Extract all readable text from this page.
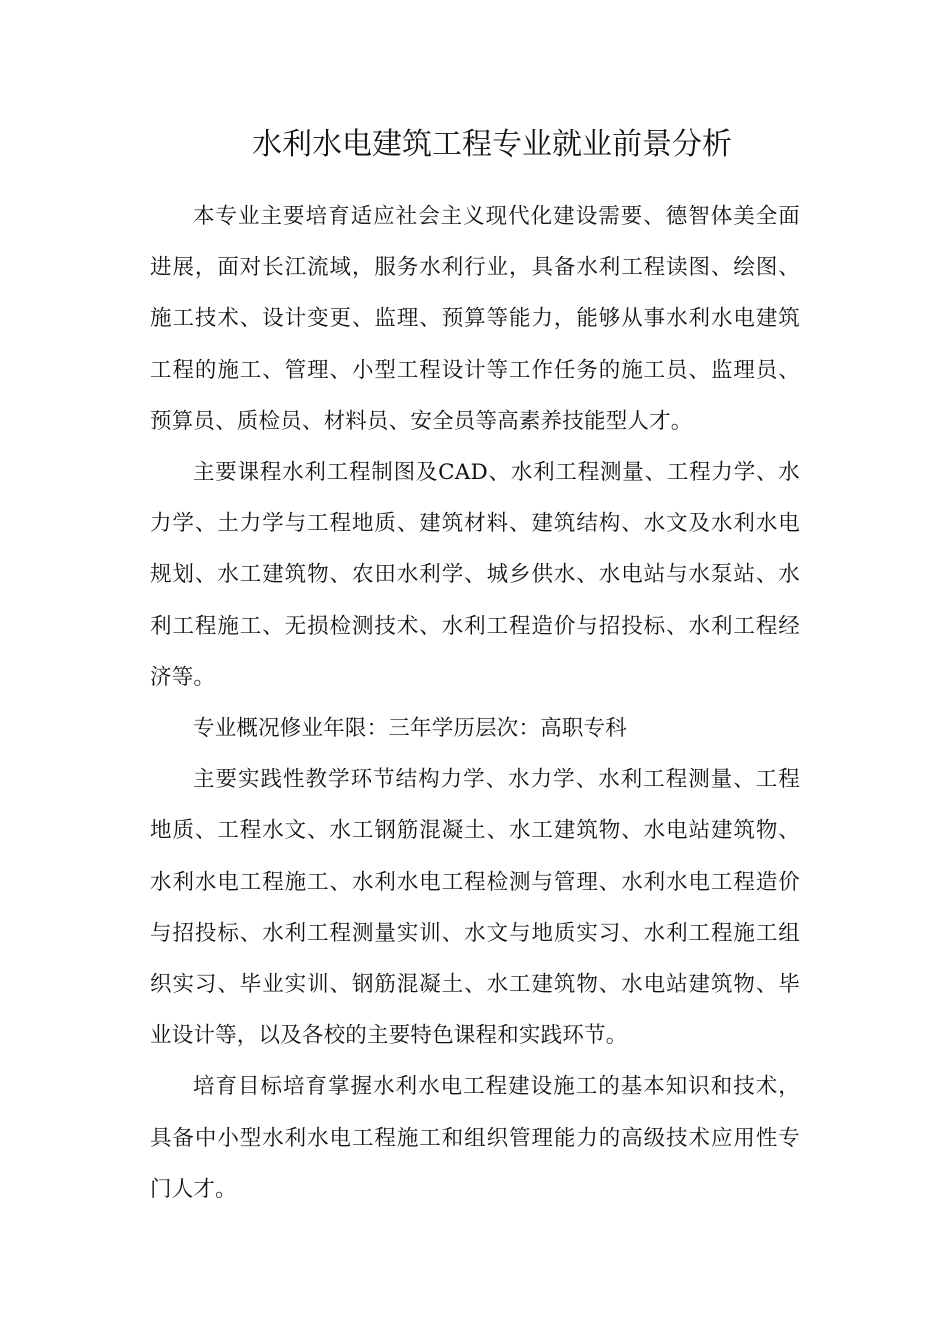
水利水电建筑工程专业就业前景分析

本专业主要培育适应社会主义现代化建设需要、德智体美全面进展，面对长江流域，服务水利行业，具备水利工程读图、绘图、施工技术、设计变更、监理、预算等能力，能够从事水利水电建筑工程的施工、管理、小型工程设计等工作任务的施工员、监理员、预算员、质检员、材料员、安全员等高素养技能型人才。

主要课程水利工程制图及CAD、水利工程测量、工程力学、水力学、土力学与工程地质、建筑材料、建筑结构、水文及水利水电规划、水工建筑物、农田水利学、城乡供水、水电站与水泵站、水利工程施工、无损检测技术、水利工程造价与招投标、水利工程经济等。

专业概况修业年限：三年学历层次：高职专科

主要实践性教学环节结构力学、水力学、水利工程测量、工程地质、工程水文、水工钢筋混凝土、水工建筑物、水电站建筑物、水利水电工程施工、水利水电工程检测与管理、水利水电工程造价与招投标、水利工程测量实训、水文与地质实习、水利工程施工组织实习、毕业实训、钢筋混凝土、水工建筑物、水电站建筑物、毕业设计等，以及各校的主要特色课程和实践环节。

培育目标培育掌握水利水电工程建设施工的基本知识和技术，具备中小型水利水电工程施工和组织管理能力的高级技术应用性专门人才。
